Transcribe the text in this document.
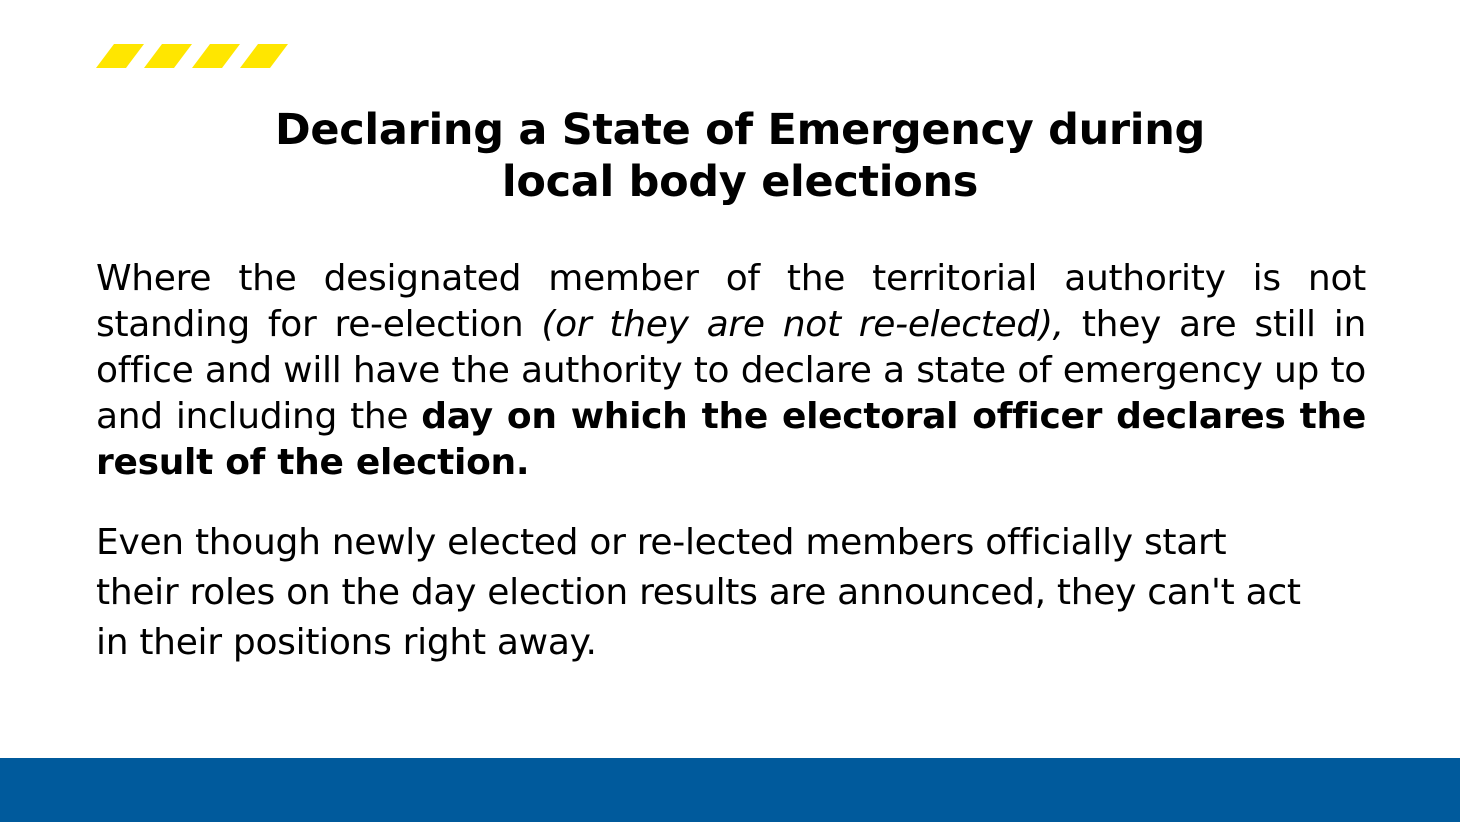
Declaring a State of Emergency during
local body elections

Where the designated member of the territorial authority is not standing for re-election (or they are not re-elected), they are still in office and will have the authority to declare a state of emergency up to and including the day on which the electoral officer declares the result of the election.

Even though newly elected or re-lected members officially start
their roles on the day election results are announced, they can't act
in their positions right away.
